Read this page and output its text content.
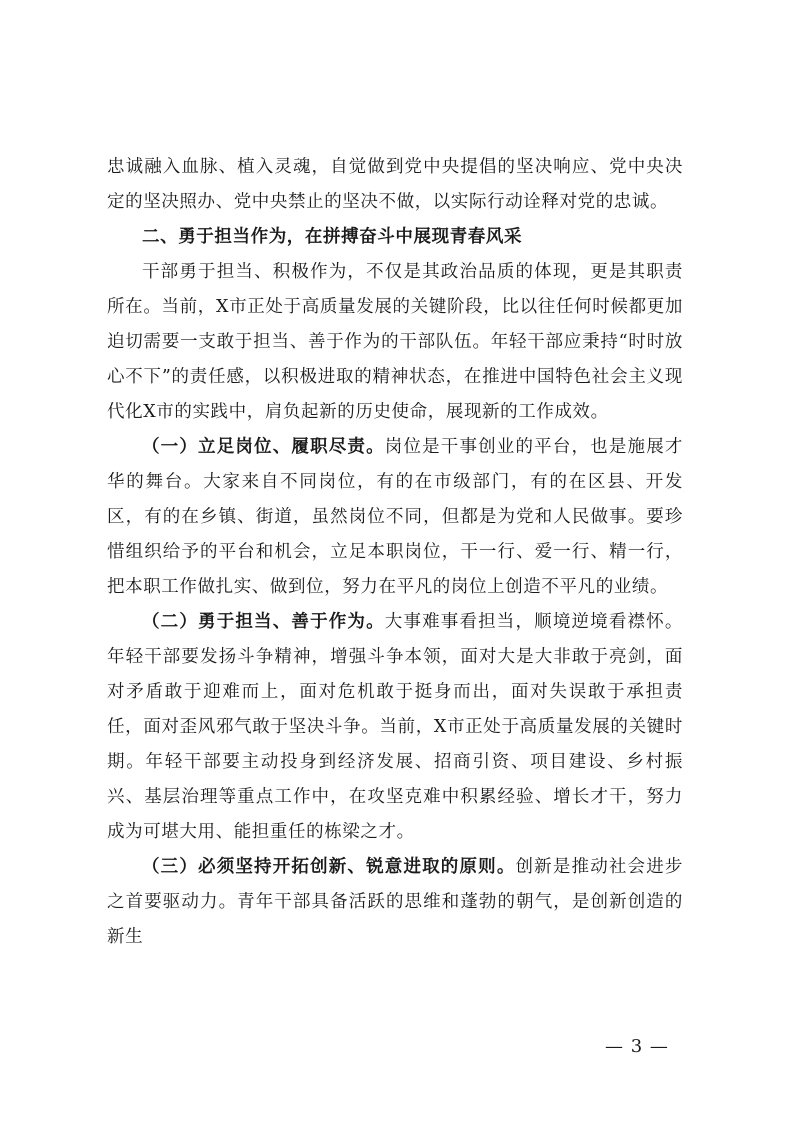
忠诚融入血脉、植入灵魂，自觉做到党中央提倡的坚决响应、党中央决定的坚决照办、党中央禁止的坚决不做，以实际行动诠释对党的忠诚。

二、勇于担当作为，在拼搏奋斗中展现青春风采

干部勇于担当、积极作为，不仅是其政治品质的体现，更是其职责所在。当前，X市正处于高质量发展的关键阶段，比以往任何时候都更加迫切需要一支敢于担当、善于作为的干部队伍。年轻干部应秉持“时时放心不下”的责任感，以积极进取的精神状态，在推进中国特色社会主义现代化X市的实践中，肩负起新的历史使命，展现新的工作成效。

（一）立足岗位、履职尽责。岗位是干事创业的平台，也是施展才华的舞台。大家来自不同岗位，有的在市级部门，有的在区县、开发区，有的在乡镇、街道，虽然岗位不同，但都是为党和人民做事。要珍惜组织给予的平台和机会，立足本职岗位，干一行、爱一行、精一行，把本职工作做扎实、做到位，努力在平凡的岗位上创造不平凡的业绩。

（二）勇于担当、善于作为。大事难事看担当，顺境逆境看襟怀。年轻干部要发扬斗争精神，增强斗争本领，面对大是大非敢于亮剑，面对矛盾敢于迎难而上，面对危机敢于挺身而出，面对失误敢于承担责任，面对歪风邪气敢于坚决斗争。当前，X市正处于高质量发展的关键时期。年轻干部要主动投身到经济发展、招商引资、项目建设、乡村振兴、基层治理等重点工作中，在攻坚克难中积累经验、增长才干，努力成为可堪大用、能担重任的栋梁之才。

（三）必须坚持开拓创新、锐意进取的原则。创新是推动社会进步之首要驱动力。青年干部具备活跃的思维和蓬勃的朝气，是创新创造的新生

— 3 —
